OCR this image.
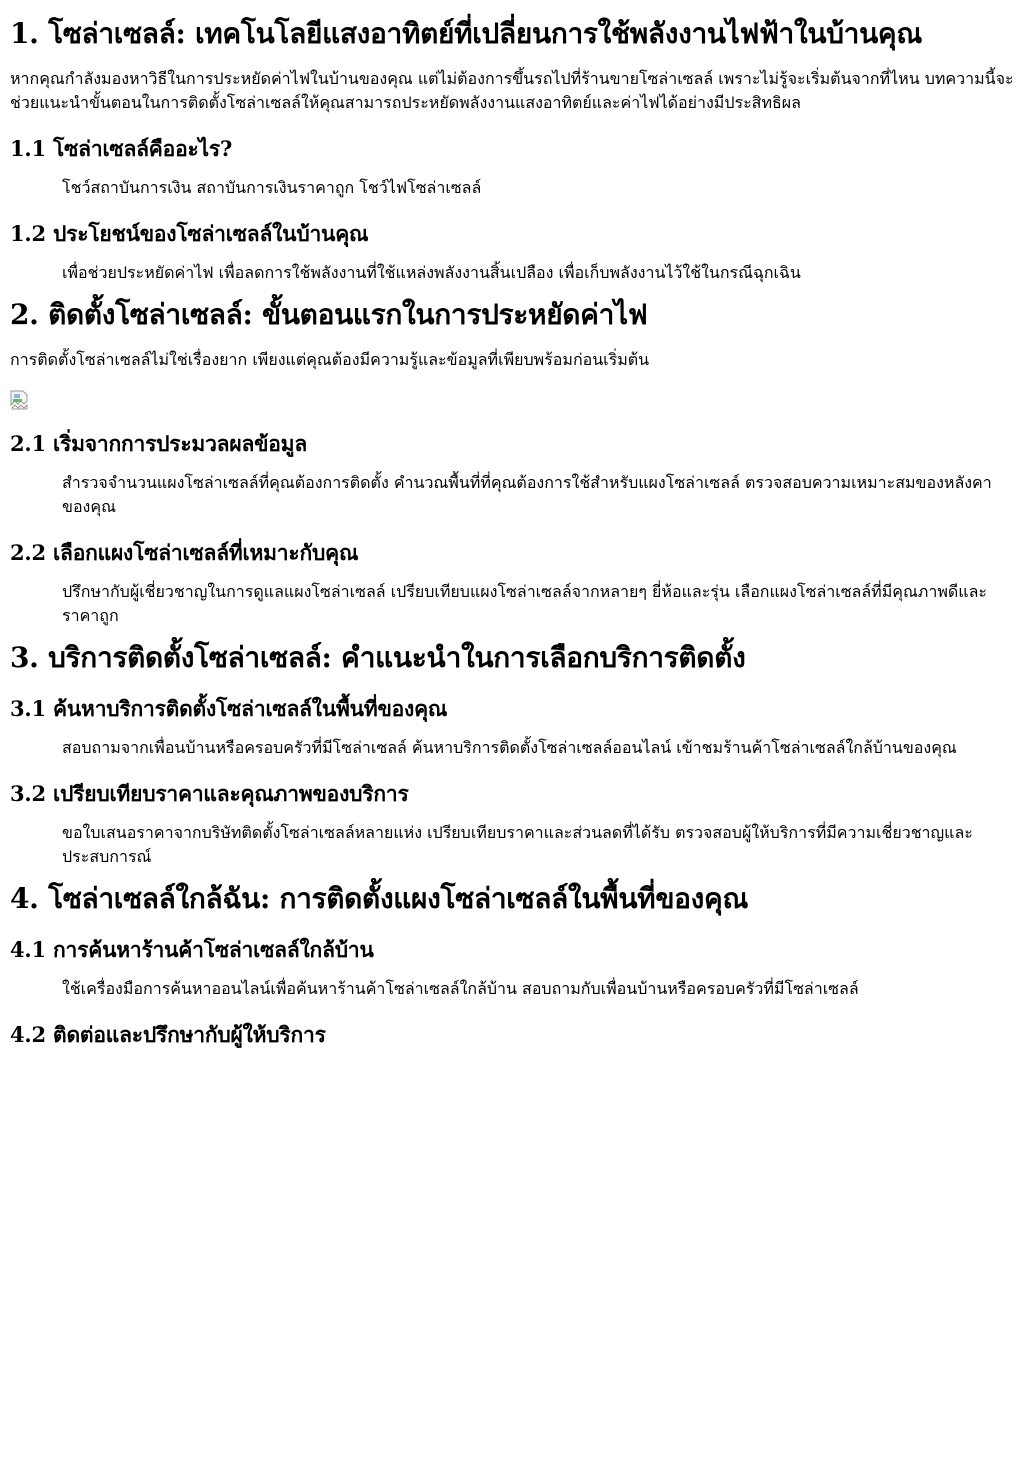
1. โซล่าเซลล์: เทคโนโลยีแสงอาทิตย์ที่เปลี่ยนการใช้พลังงานไฟฟ้าในบ้านคุณ

หากคุณกำลังมองหาวิธีในการประหยัดค่าไฟในบ้านของคุณ แต่ไม่ต้องการขึ้นรถไปที่ร้านขายโซล่าเซลล์ เพราะไม่รู้จะเริ่มต้นจากที่ไหน บทความนี้จะช่วยแนะนำขั้นตอนในการติดตั้งโซล่าเซลล์ให้คุณสามารถประหยัดพลังงานแสงอาทิตย์และค่าไฟได้อย่างมีประสิทธิผล

1.1 โซล่าเซลล์คืออะไร?
โชว์สถาบันการเงิน สถาบันการเงินราคาถูก โชว์ไฟโซล่าเซลล์
1.2 ประโยชน์ของโซล่าเซลล์ในบ้านคุณ
เพื่อช่วยประหยัดค่าไฟ เพื่อลดการใช้พลังงานที่ใช้แหล่งพลังงานสิ้นเปลือง เพื่อเก็บพลังงานไว้ใช้ในกรณีฉุกเฉิน
2. ติดตั้งโซล่าเซลล์: ขั้นตอนแรกในการประหยัดค่าไฟ

การติดตั้งโซล่าเซลล์ไม่ใช่เรื่องยาก เพียงแต่คุณต้องมีความรู้และข้อมูลที่เพียบพร้อมก่อนเริ่มต้น

2.1 เริ่มจากการประมวลผลข้อมูล
สำรวจจำนวนแผงโซล่าเซลล์ที่คุณต้องการติดตั้ง คำนวณพื้นที่ที่คุณต้องการใช้สำหรับแผงโซล่าเซลล์ ตรวจสอบความเหมาะสมของหลังคาของคุณ
2.2 เลือกแผงโซล่าเซลล์ที่เหมาะกับคุณ
ปรึกษากับผู้เชี่ยวชาญในการดูแลแผงโซล่าเซลล์ เปรียบเทียบแผงโซล่าเซลล์จากหลายๆ ยี่ห้อและรุ่น เลือกแผงโซล่าเซลล์ที่มีคุณภาพดีและราคาถูก
3. บริการติดตั้งโซล่าเซลล์: คำแนะนำในการเลือกบริการติดตั้ง
3.1 ค้นหาบริการติดตั้งโซล่าเซลล์ในพื้นที่ของคุณ
สอบถามจากเพื่อนบ้านหรือครอบครัวที่มีโซล่าเซลล์ ค้นหาบริการติดตั้งโซล่าเซลล์ออนไลน์ เข้าชมร้านค้าโซล่าเซลล์ใกล้บ้านของคุณ
3.2 เปรียบเทียบราคาและคุณภาพของบริการ
ขอใบเสนอราคาจากบริษัทติดตั้งโซล่าเซลล์หลายแห่ง เปรียบเทียบราคาและส่วนลดที่ได้รับ ตรวจสอบผู้ให้บริการที่มีความเชี่ยวชาญและประสบการณ์
4. โซล่าเซลล์ใกล้ฉัน: การติดตั้งแผงโซล่าเซลล์ในพื้นที่ของคุณ
4.1 การค้นหาร้านค้าโซล่าเซลล์ใกล้บ้าน
ใช้เครื่องมือการค้นหาออนไลน์เพื่อค้นหาร้านค้าโซล่าเซลล์ใกล้บ้าน สอบถามกับเพื่อนบ้านหรือครอบครัวที่มีโซล่าเซลล์
4.2 ติดต่อและปรึกษากับผู้ให้บริการ
